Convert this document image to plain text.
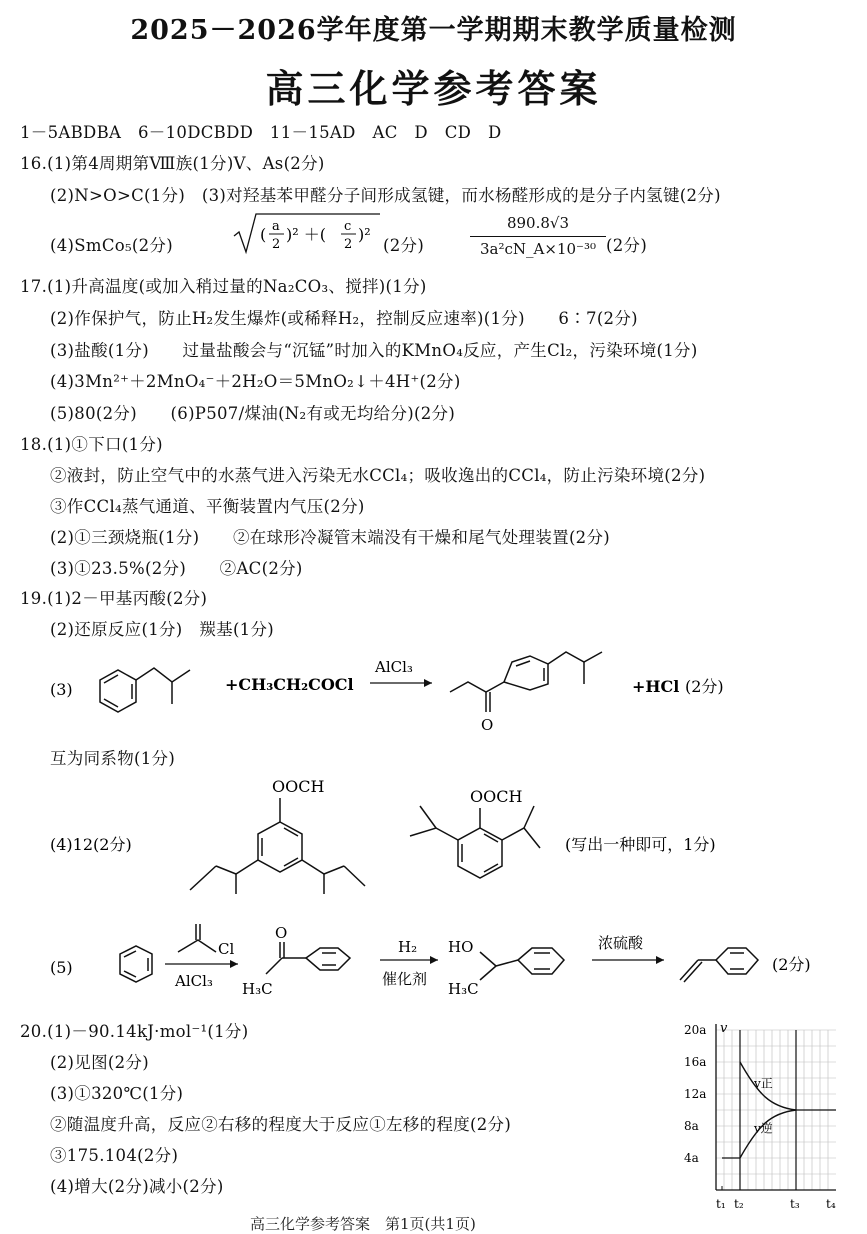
2025－2026学年度第一学期期末教学质量检测
高三化学参考答案
1－5ABDBA　6－10DCBDD　11－15AD　AC　D　CD　D
16.(1)第4周期第Ⅷ族(1分)V、As(2分)
(2)N>O>C(1分)　(3)对羟基苯甲醛分子间形成氢键，而水杨醛形成的是分子内氢键(2分)
(4)SmCo₅(2分)
( a
2
)² ＋( c
2
)²
(2分)
890.8√3
3a²cN_A×10⁻³⁰ (2分)
17.(1)升高温度(或加入稍过量的Na₂CO₃、搅拌)(1分)
(2)作保护气，防止H₂发生爆炸(或稀释H₂，控制反应速率)(1分)　　6∶7(2分)
(3)盐酸(1分)　　过量盐酸会与“沉锰”时加入的KMnO₄反应，产生Cl₂，污染环境(1分)
(4)3Mn²⁺＋2MnO₄⁻＋2H₂O＝5MnO₂↓＋4H⁺(2分)
(5)80(2分)　　(6)P507/煤油(N₂有或无均给分)(2分)
18.(1)①下口(1分)
②液封，防止空气中的水蒸气进入污染无水CCl₄；吸收逸出的CCl₄，防止污染环境(2分)
③作CCl₄蒸气通道、平衡装置内气压(2分)
(2)①三颈烧瓶(1分)　　②在球形冷凝管末端没有干燥和尾气处理装置(2分)
(3)①23.5%(2分)　　②AC(2分)
19.(1)2－甲基丙酸(2分)
(2)还原反应(1分)　羰基(1分)
(3)	+CH₃CH₂COCl
AlCl₃
O
+HCl (2分)
互为同系物(1分)
(4)12(2分)
OOCH
OOCH
(写出一种即可，1分)
(5)
Cl
AlCl₃
O
H₃C
H₂
催化剂
HO
H₃C
浓硫酸
(2分)
20.(1)－90.14kJ·mol⁻¹(1分)
(2)见图(2分)
(3)①320℃(1分)
②随温度升高，反应②右移的程度大于反应①左移的程度(2分)
③175.104(2分)
(4)增大(2分)减小(2分)
v
4a
8a
12a
16a
20a
t₁ t₂	t₃ t₄
v正
v逆
高三化学参考答案　第1页(共1页)
